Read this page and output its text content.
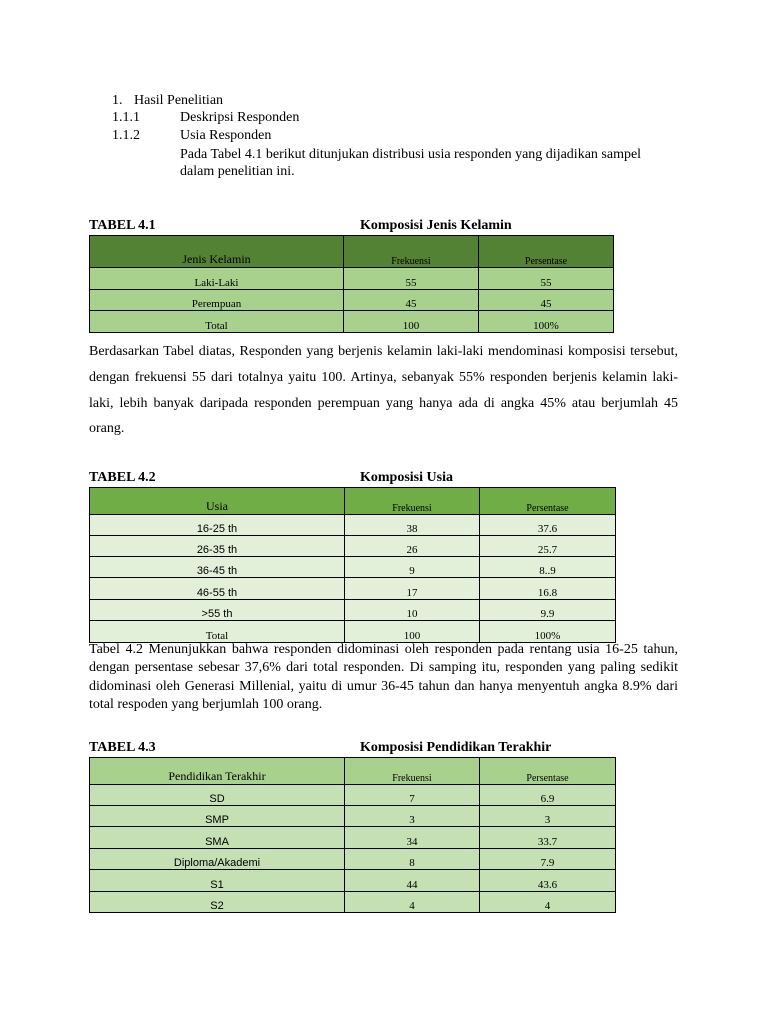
1. Hasil Penelitian
1.1.1	Deskripsi Responden
1.1.2	Usia Responden
Pada Tabel 4.1 berikut ditunjukan distribusi usia responden yang dijadikan sampel
dalam penelitian ini.
TABEL 4.1	Komposisi Jenis Kelamin
Jenis Kelamin	Frekuensi	Persentase
Laki-Laki	55	55
Perempuan	45	45
Total	100	100%
Berdasarkan Tabel diatas, Responden yang berjenis kelamin laki-laki mendominasi komposisi tersebut, dengan frekuensi 55 dari totalnya yaitu 100. Artinya, sebanyak 55% responden berjenis kelamin laki-laki, lebih banyak daripada responden perempuan yang hanya ada di angka 45% atau berjumlah 45 orang.
TABEL 4.2	Komposisi Usia
Usia	Frekuensi	Persentase
16-25 th	38	37.6
26-35 th	26	25.7
36-45 th	9	8..9
46-55 th	17	16.8
>55 th	10	9.9
Total	100	100%
Tabel 4.2 Menunjukkan bahwa responden didominasi oleh responden pada rentang usia 16-25 tahun, dengan persentase sebesar 37,6% dari total responden. Di samping itu, responden yang paling sedikit didominasi oleh Generasi Millenial, yaitu di umur 36-45 tahun dan hanya menyentuh angka 8.9% dari total respoden yang berjumlah 100 orang.
TABEL 4.3	Komposisi Pendidikan Terakhir
Pendidikan Terakhir	Frekuensi	Persentase
SD	7	6.9
SMP	3	3
SMA	34	33.7
Diploma/Akademi	8	7.9
S1	44	43.6
S2	4	4
